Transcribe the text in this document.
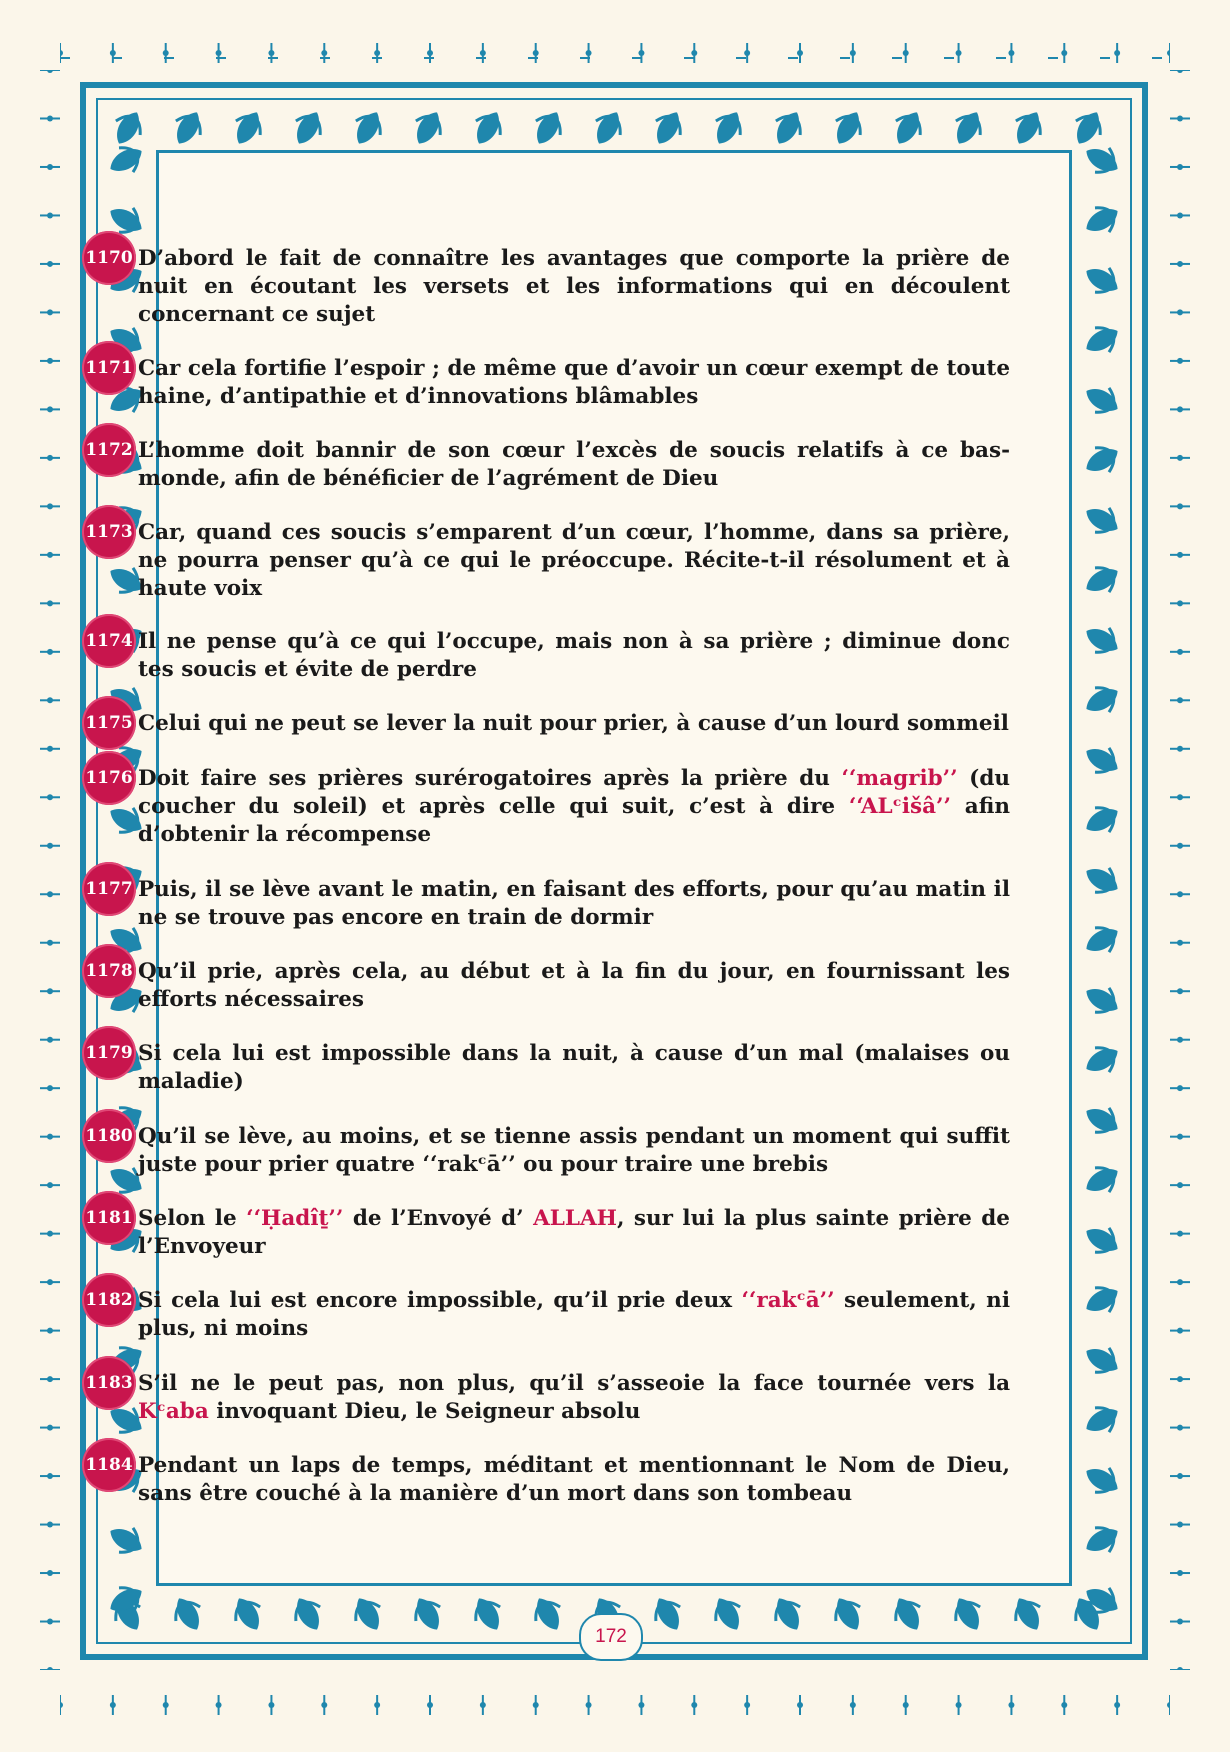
1170 D’abord le fait de connaître les avantages que comporte la prière de nuit en écoutant les versets et les informations qui en découlent concernant ce sujet
1171 Car cela fortifie l’espoir ; de même que d’avoir un cœur exempt de toute haine, d’antipathie et d’innovations blâmables
1172 L’homme doit bannir de son cœur l’excès de soucis relatifs à ce bas-monde, afin de bénéficier de l’agrément de Dieu
1173 Car, quand ces soucis s’emparent d’un cœur, l’homme, dans sa prière, ne pourra penser qu’à ce qui le préoccupe. Récite-t-il résolument et à haute voix
1174 Il ne pense qu’à ce qui l’occupe, mais non à sa prière ; diminue donc tes soucis et évite de perdre
1175 Celui qui ne peut se lever la nuit pour prier, à cause d’un lourd sommeil
1176 Doit faire ses prières surérogatoires après la prière du ‘‘magrib’’ (du coucher du soleil) et après celle qui suit, c’est à dire ‘‘ALᶜišâ’’ afin d’obtenir la récompense
1177 Puis, il se lève avant le matin, en faisant des efforts, pour qu’au matin il ne se trouve pas encore en train de dormir
1178 Qu’il prie, après cela, au début et à la fin du jour, en fournissant les efforts nécessaires
1179 Si cela lui est impossible dans la nuit, à cause d’un mal (malaises ou maladie)
1180 Qu’il se lève, au moins, et se tienne assis pendant un moment qui suffit juste pour prier quatre ‘‘rakᶜā’’ ou pour traire une brebis
1181 Selon le ‘‘Ḥadîṯ’’ de l’Envoyé d’ ALLAH, sur lui la plus sainte prière de l’Envoyeur
1182 Si cela lui est encore impossible, qu’il prie deux ‘‘rakᶜā’’ seulement, ni plus, ni moins
1183 S’il ne le peut pas, non plus, qu’il s’asseoie la face tournée vers la Kᶜaba invoquant Dieu, le Seigneur absolu
1184 Pendant un laps de temps, méditant et mentionnant le Nom de Dieu, sans être couché à la manière d’un mort dans son tombeau
172
